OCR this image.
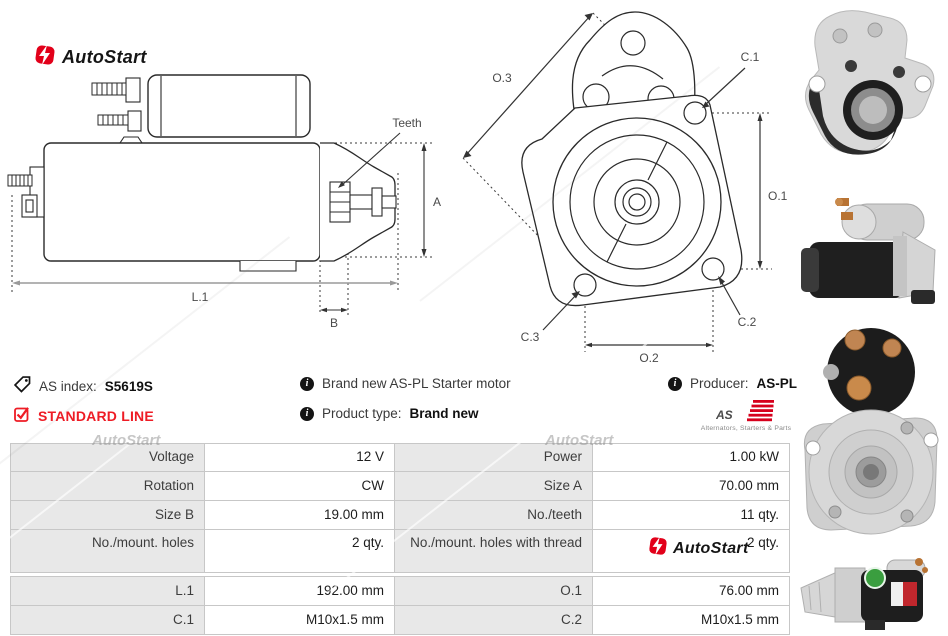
AutoStart
A
Teeth
L.1
B
O.3
C.1
O.1
C.2
C.3
O.2
AS index: S5619S	i	Brand new AS-PL Starter motor	i	Producer: AS-PL
STANDARD LINE	i	Product type: Brand new	AS
Alternators, Starters & Parts
Voltage	12 V	Power	1.00 kW
Rotation	CW	Size A	70.00 mm
Size B	19.00 mm	No./teeth	11 qty.
No./mount. holes	2 qty.	No./mount. holes with thread	2 qty.
L.1	192.00 mm	O.1	76.00 mm
C.1	M10x1.5 mm	C.2	M10x1.5 mm
AutoStart	AutoStart
AutoStart
